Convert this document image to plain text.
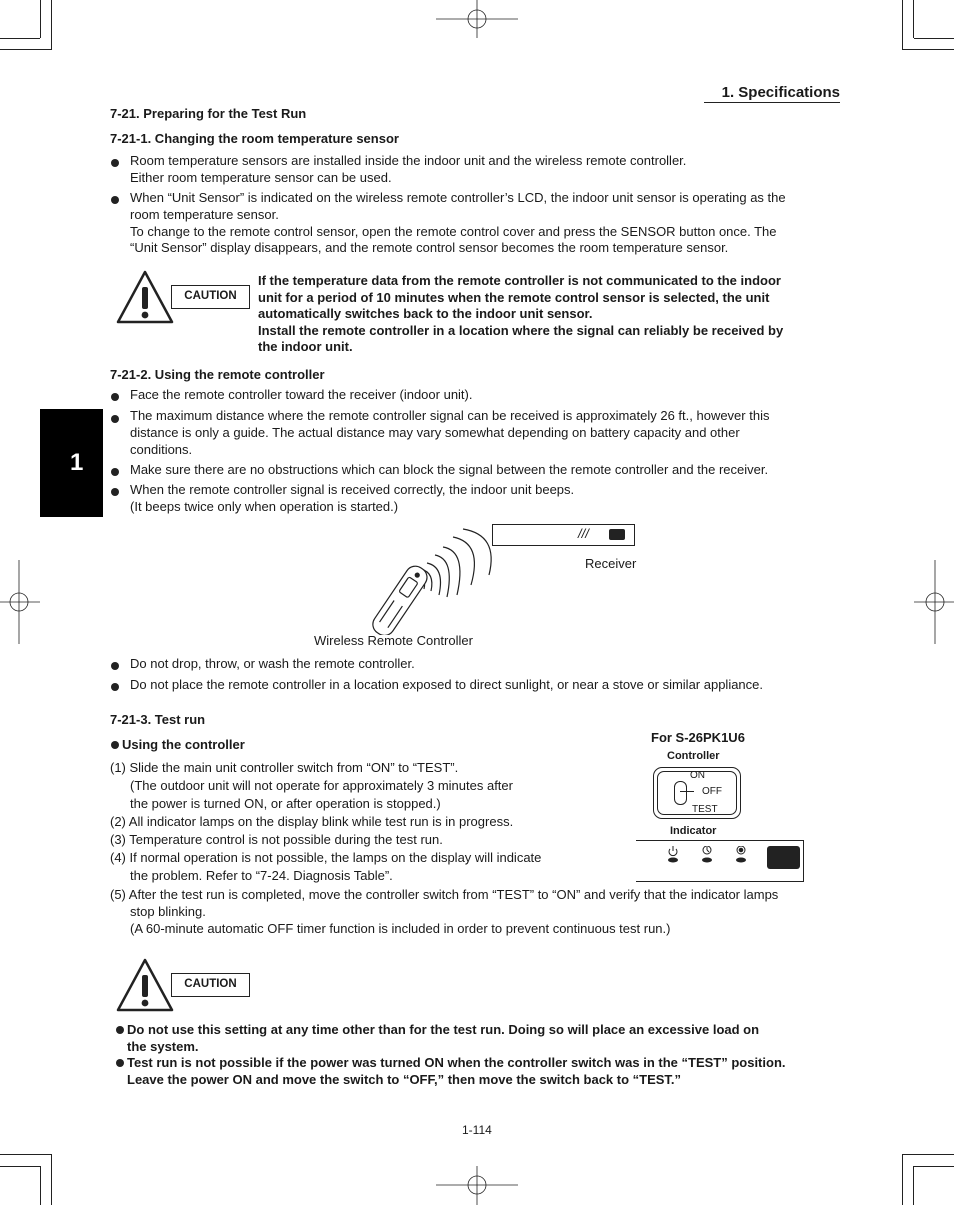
1. Specifications
1
7-21. Preparing for the Test Run
7-21-1. Changing the room temperature sensor
Room temperature sensors are installed inside the indoor unit and the wireless remote controller.
Either room temperature sensor can be used.
When “Unit Sensor” is indicated on the wireless remote controller’s LCD, the indoor unit sensor is operating as the
room temperature sensor.
To change to the remote control sensor, open the remote control cover and press the SENSOR button once. The
“Unit Sensor” display disappears, and the remote control sensor becomes the room temperature sensor.
CAUTION
If the temperature data from the remote controller is not communicated to the indoor
unit for a period of 10 minutes when the remote control sensor is selected, the unit
automatically switches back to the indoor unit sensor.
Install the remote controller in a location where the signal can reliably be received by
the indoor unit.
7-21-2. Using the remote controller
Face the remote controller toward the receiver (indoor unit).
The maximum distance where the remote controller signal can be received is approximately 26 ft., however this
distance is only a guide. The actual distance may vary somewhat depending on battery capacity and other
conditions.
Make sure there are no obstructions which can block the signal between the remote controller and the receiver.
When the remote controller signal is received correctly, the indoor unit beeps.
(It beeps twice only when operation is started.)
///
Receiver
Wireless Remote Controller
Do not drop, throw, or wash the remote controller.
Do not place the remote controller in a location exposed to direct sunlight, or near a stove or similar appliance.
7-21-3. Test run
Using the controller
(1) Slide the main unit controller switch from “ON” to “TEST”.
(The outdoor unit will not operate for approximately 3 minutes after
the power is turned ON, or after operation is stopped.)
(2) All indicator lamps on the display blink while test run is in progress.
(3) Temperature control is not possible during the test run.
(4) If normal operation is not possible, the lamps on the display will indicate
the problem. Refer to “7-24. Diagnosis Table”.
(5) After the test run is completed, move the controller switch from “TEST” to “ON” and verify that the indicator lamps
stop blinking.
(A 60-minute automatic OFF timer function is included in order to prevent continuous test run.)
For S-26PK1U6
Controller
ON
OFF
TEST
Indicator
CAUTION
Do not use this setting at any time other than for the test run. Doing so will place an excessive load on
the system.
Test run is not possible if the power was turned ON when the controller switch was in the “TEST” position.
Leave the power ON and move the switch to “OFF,” then move the switch back to “TEST.”
1-114
